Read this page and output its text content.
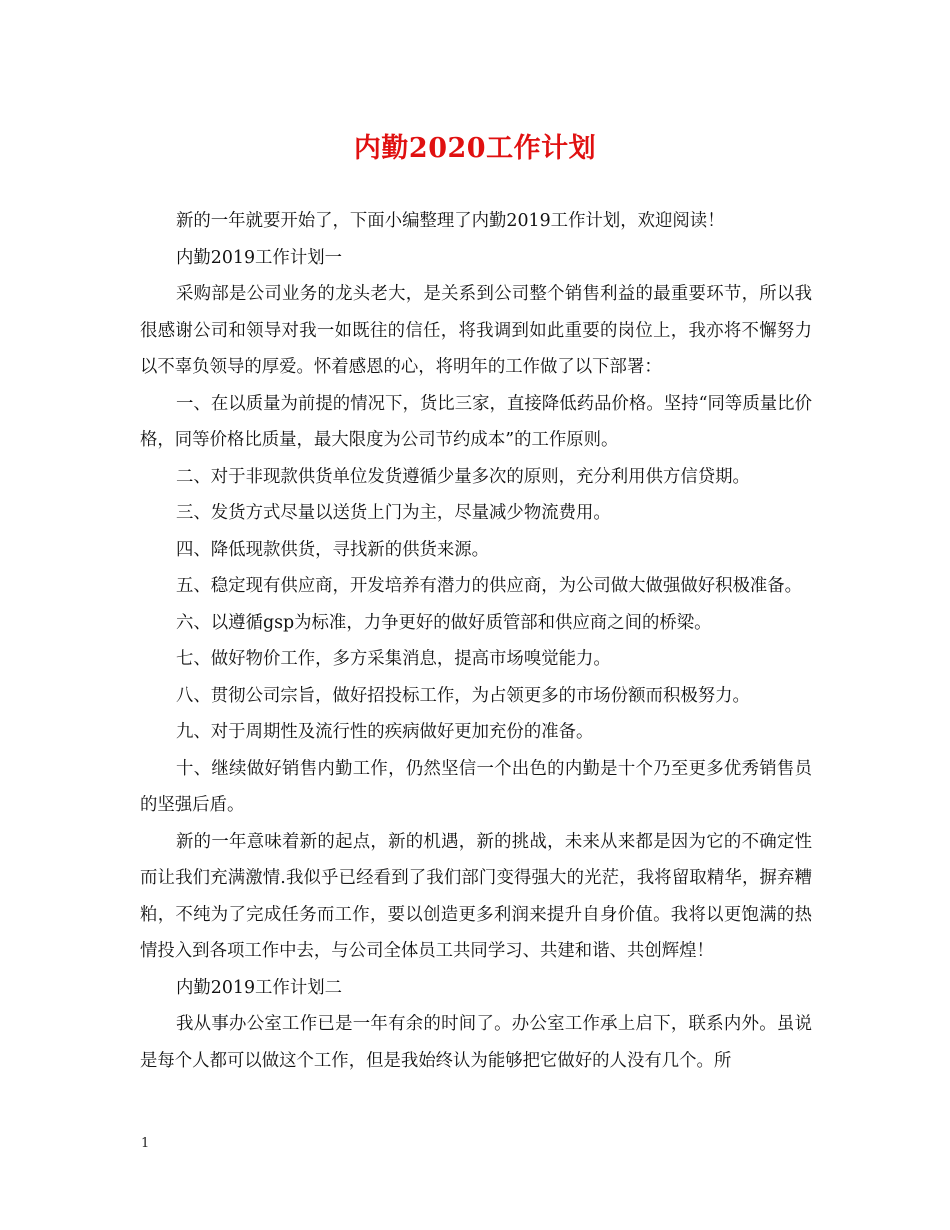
内勤2020工作计划

新的一年就要开始了，下面小编整理了内勤2019工作计划，欢迎阅读！

内勤2019工作计划一

采购部是公司业务的龙头老大，是关系到公司整个销售利益的最重要环节，所以我很感谢公司和领导对我一如既往的信任，将我调到如此重要的岗位上，我亦将不懈努力以不辜负领导的厚爱。怀着感恩的心，将明年的工作做了以下部署：

一、在以质量为前提的情况下，货比三家，直接降低药品价格。坚持“同等质量比价格，同等价格比质量，最大限度为公司节约成本”的工作原则。

二、对于非现款供货单位发货遵循少量多次的原则，充分利用供方信贷期。

三、发货方式尽量以送货上门为主，尽量减少物流费用。

四、降低现款供货，寻找新的供货来源。

五、稳定现有供应商，开发培养有潜力的供应商，为公司做大做强做好积极准备。

六、以遵循gsp为标准，力争更好的做好质管部和供应商之间的桥梁。

七、做好物价工作，多方采集消息，提高市场嗅觉能力。

八、贯彻公司宗旨，做好招投标工作，为占领更多的市场份额而积极努力。

九、对于周期性及流行性的疾病做好更加充份的准备。

十、继续做好销售内勤工作，仍然坚信一个出色的内勤是十个乃至更多优秀销售员的坚强后盾。

新的一年意味着新的起点，新的机遇，新的挑战，未来从来都是因为它的不确定性而让我们充满激情.我似乎已经看到了我们部门变得强大的光茫，我将留取精华，摒弃糟粕，不纯为了完成任务而工作，要以创造更多利润来提升自身价值。我将以更饱满的热情投入到各项工作中去，与公司全体员工共同学习、共建和谐、共创辉煌！

内勤2019工作计划二

我从事办公室工作已是一年有余的时间了。办公室工作承上启下，联系内外。虽说是每个人都可以做这个工作，但是我始终认为能够把它做好的人没有几个。所

1
